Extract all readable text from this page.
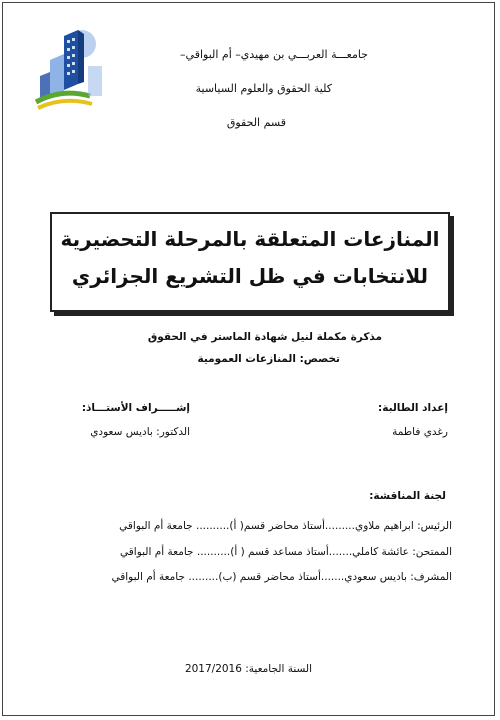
جامعـــة العربـــي بن مهيدي– أم البواقي–
كلية الحقوق والعلوم السياسية
قسم الحقوق
المنازعات المتعلقة بالمرحلة التحضيرية
للانتخابات في ظل التشريع الجزائري
مذكرة مكملة لنيل شهادة الماستر في الحقوق
تخصص: المنازعات العمومية
إعداد الطالبة:
رغدي فاطمة
إشـــــراف الأستـــاذ:
الدكتور: باديس سعودي
لجنة المناقشة:
الرئيس: ابراهيم ملاوي.........أستاذ محاضر قسم( أ).......... جامعة أم البواقي
الممتحن: عائشة كاملي.......أستاذ مساعد قسم ( أ).......... جامعة أم البواقي
المشرف: باديس سعودي.......أستاذ محاضر قسم (ب)......... جامعة أم البواقي
السنة الجامعية: 2017/2016
